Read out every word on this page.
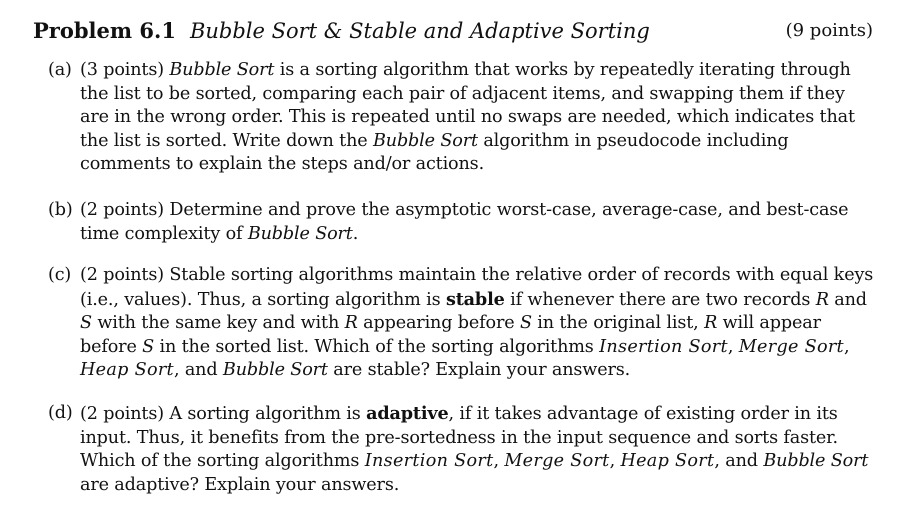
Problem 6.1 Bubble Sort & Stable and Adaptive Sorting	(9 points)
(a) (3 points) Bubble Sort is a sorting algorithm that works by repeatedly iterating through the list to be sorted, comparing each pair of adjacent items, and swapping them if they are in the wrong order. This is repeated until no swaps are needed, which indicates that the list is sorted. Write down the Bubble Sort algorithm in pseudocode including comments to explain the steps and/or actions.
(b) (2 points) Determine and prove the asymptotic worst-case, average-case, and best-case time complexity of Bubble Sort.
(c) (2 points) Stable sorting algorithms maintain the relative order of records with equal keys (i.e., values). Thus, a sorting algorithm is stable if whenever there are two records R and S with the same key and with R appearing before S in the original list, R will appear before S in the sorted list. Which of the sorting algorithms Insertion Sort, Merge Sort, Heap Sort, and Bubble Sort are stable? Explain your answers.
(d) (2 points) A sorting algorithm is adaptive, if it takes advantage of existing order in its input. Thus, it benefits from the pre-sortedness in the input sequence and sorts faster. Which of the sorting algorithms Insertion Sort, Merge Sort, Heap Sort, and Bubble Sort are adaptive? Explain your answers.
